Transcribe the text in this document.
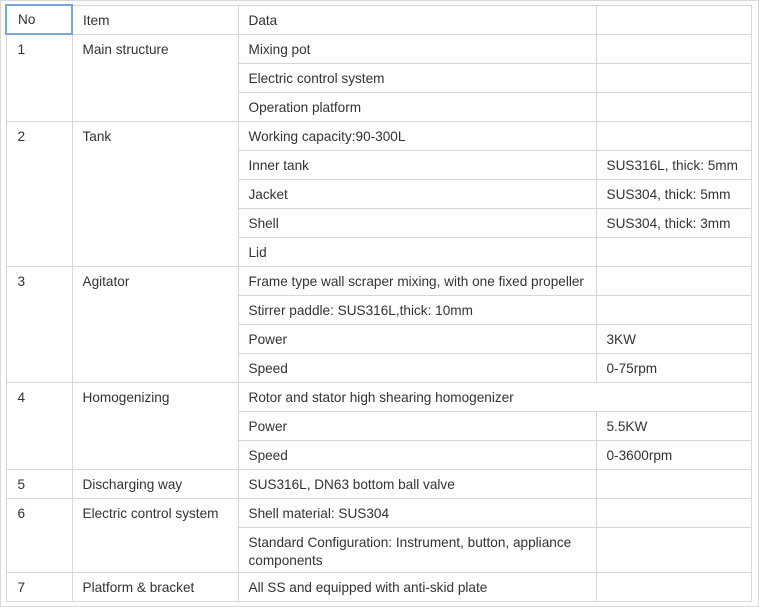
No	Item	Data	
1	Main structure	Mixing pot	
		Electric control system	
		Operation platform	
2	Tank	Working capacity:90-300L	
		Inner tank	SUS316L, thick: 5mm
		Jacket	SUS304, thick: 5mm
		Shell	SUS304, thick: 3mm
		Lid	
3	Agitator	Frame type wall scraper mixing, with one fixed propeller	
		Stirrer paddle: SUS316L,thick: 10mm	
		Power	3KW
		Speed	0-75rpm
4	Homogenizing	Rotor and stator high shearing homogenizer	
		Power	5.5KW
		Speed	0-3600rpm
5	Discharging way	SUS316L, DN63 bottom ball valve	
6	Electric control system	Shell material: SUS304	
		Standard Configuration: Instrument, button, appliance components	
7	Platform & bracket	All SS and equipped with anti-skid plate	
